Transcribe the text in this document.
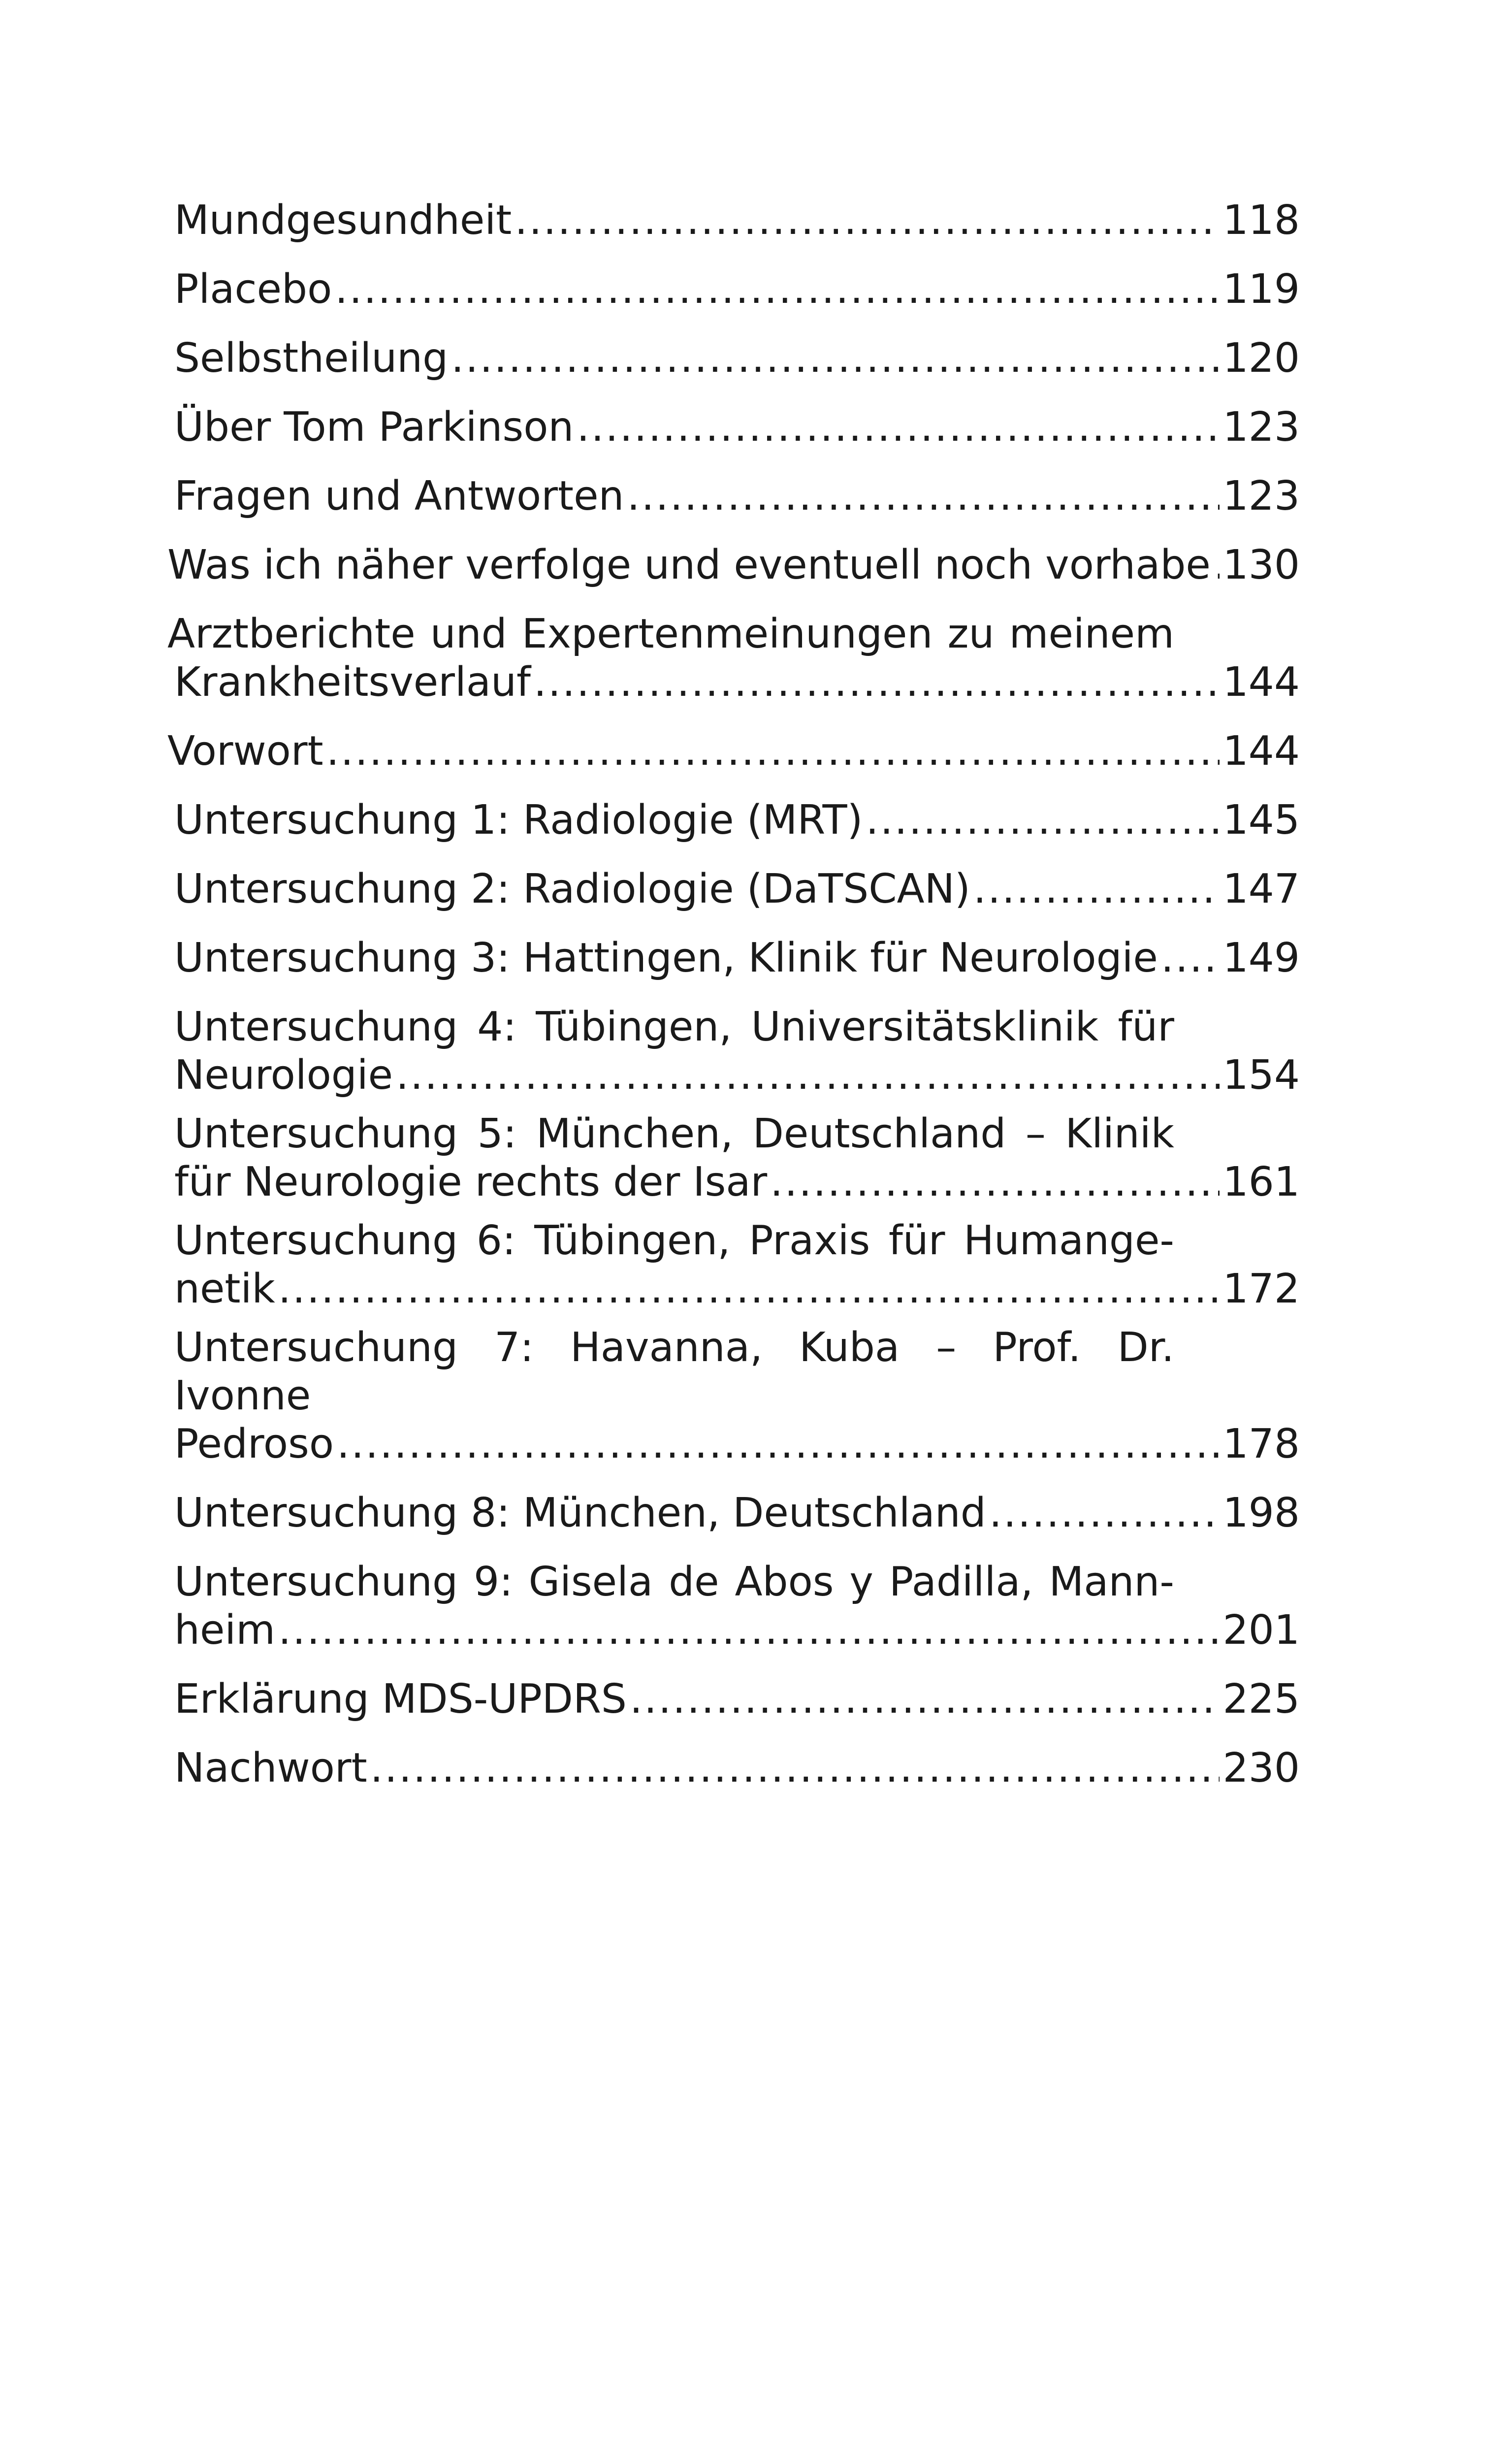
Mundgesundheit .....	118
Placebo .....	119
Selbstheilung .....	120
Über Tom Parkinson .....	123
Fragen und Antworten .....	123
Was ich näher verfolge und eventuell noch vorhabe ..... 130
Arztberichte und Expertenmeinungen zu meinem
Krankheitsverlauf .....	144
Vorwort .....	144
Untersuchung 1: Radiologie (MRT) .....	145
Untersuchung 2: Radiologie (DaTSCAN) .....	147
Untersuchung 3: Hattingen, Klinik für Neurologie ..... 149
Untersuchung 4: Tübingen, Universitätsklinik für
Neurologie .....	154
Untersuchung 5: München, Deutschland – Klinik
für Neurologie rechts der Isar .....	161
Untersuchung 6: Tübingen, Praxis für Humange-
netik .....	172
Untersuchung 7: Havanna, Kuba – Prof. Dr. Ivonne
Pedroso .....	178
Untersuchung 8: München, Deutschland .....	198
Untersuchung 9: Gisela de Abos y Padilla, Mann-
heim .....	201
Erklärung MDS-UPDRS .....	225
Nachwort .....	230
